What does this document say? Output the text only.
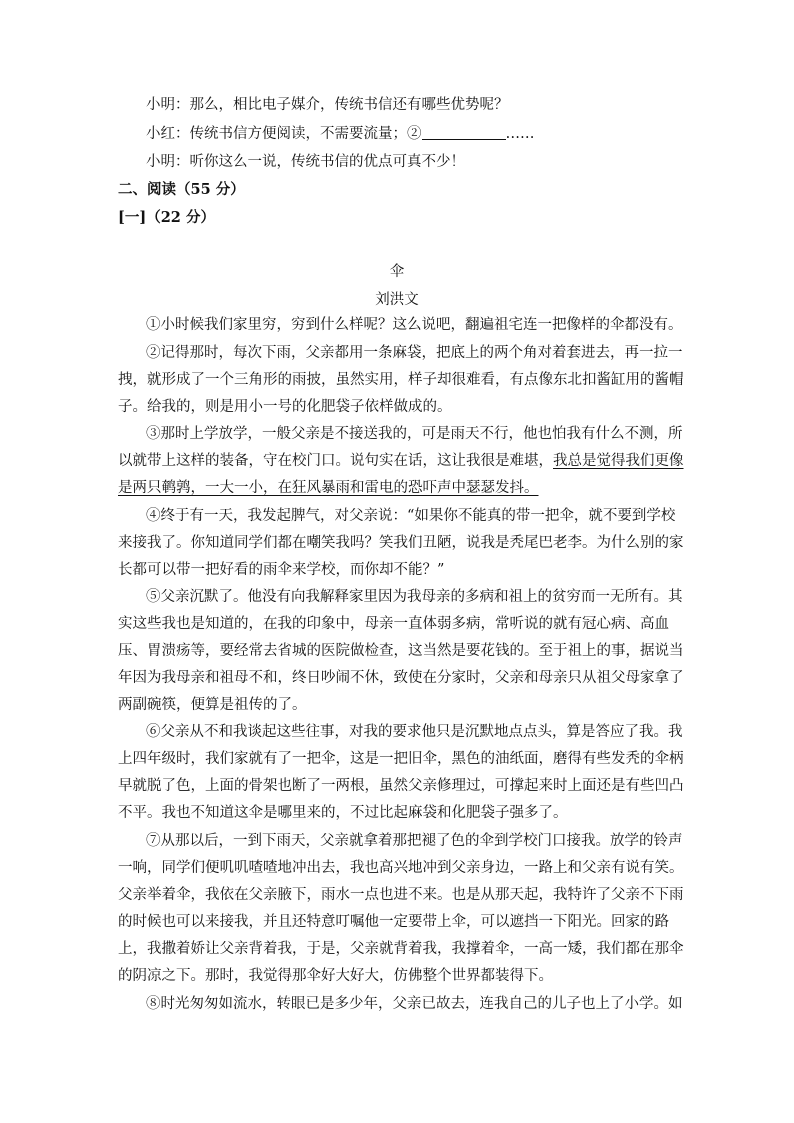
小明：那么，相比电子媒介，传统书信还有哪些优势呢？
小红：传统书信方便阅读，不需要流量；②	……
小明：听你这么一说，传统书信的优点可真不少！
二、阅读（55 分）
[一]（22 分）
伞
刘洪文
①小时候我们家里穷，穷到什么样呢？这么说吧，翻遍祖宅连一把像样的伞都没有。
②记得那时，每次下雨，父亲都用一条麻袋，把底上的两个角对着套进去，再一拉一
拽，就形成了一个三角形的雨披，虽然实用，样子却很难看，有点像东北扣酱缸用的酱帽
子。给我的，则是用小一号的化肥袋子依样做成的。
③那时上学放学，一般父亲是不接送我的，可是雨天不行，他也怕我有什么不测，所
以就带上这样的装备，守在校门口。说句实在话，这让我很是难堪，我总是觉得我们更像
是两只鹌鹑，一大一小，在狂风暴雨和雷电的恐吓声中瑟瑟发抖。
④终于有一天，我发起脾气，对父亲说：“如果你不能真的带一把伞，就不要到学校
来接我了。你知道同学们都在嘲笑我吗？笑我们丑陋，说我是秃尾巴老李。为什么别的家
长都可以带一把好看的雨伞来学校，而你却不能？”
⑤父亲沉默了。他没有向我解释家里因为我母亲的多病和祖上的贫穷而一无所有。其
实这些我也是知道的，在我的印象中，母亲一直体弱多病，常听说的就有冠心病、高血
压、胃溃疡等，要经常去省城的医院做检查，这当然是要花钱的。至于祖上的事，据说当
年因为我母亲和祖母不和，终日吵闹不休，致使在分家时，父亲和母亲只从祖父母家拿了
两副碗筷，便算是祖传的了。
⑥父亲从不和我谈起这些往事，对我的要求他只是沉默地点点头，算是答应了我。我
上四年级时，我们家就有了一把伞，这是一把旧伞，黑色的油纸面，磨得有些发秃的伞柄
早就脱了色，上面的骨架也断了一两根，虽然父亲修理过，可撑起来时上面还是有些凹凸
不平。我也不知道这伞是哪里来的，不过比起麻袋和化肥袋子强多了。
⑦从那以后，一到下雨天，父亲就拿着那把褪了色的伞到学校门口接我。放学的铃声
一响，同学们便叽叽喳喳地冲出去，我也高兴地冲到父亲身边，一路上和父亲有说有笑。
父亲举着伞，我依在父亲腋下，雨水一点也进不来。也是从那天起，我特许了父亲不下雨
的时候也可以来接我，并且还特意叮嘱他一定要带上伞，可以遮挡一下阳光。回家的路
上，我撒着娇让父亲背着我，于是，父亲就背着我，我撑着伞，一高一矮，我们都在那伞
的阴凉之下。那时，我觉得那伞好大好大，仿佛整个世界都装得下。
⑧时光匆匆如流水，转眼已是多少年，父亲已故去，连我自己的儿子也上了小学。如
